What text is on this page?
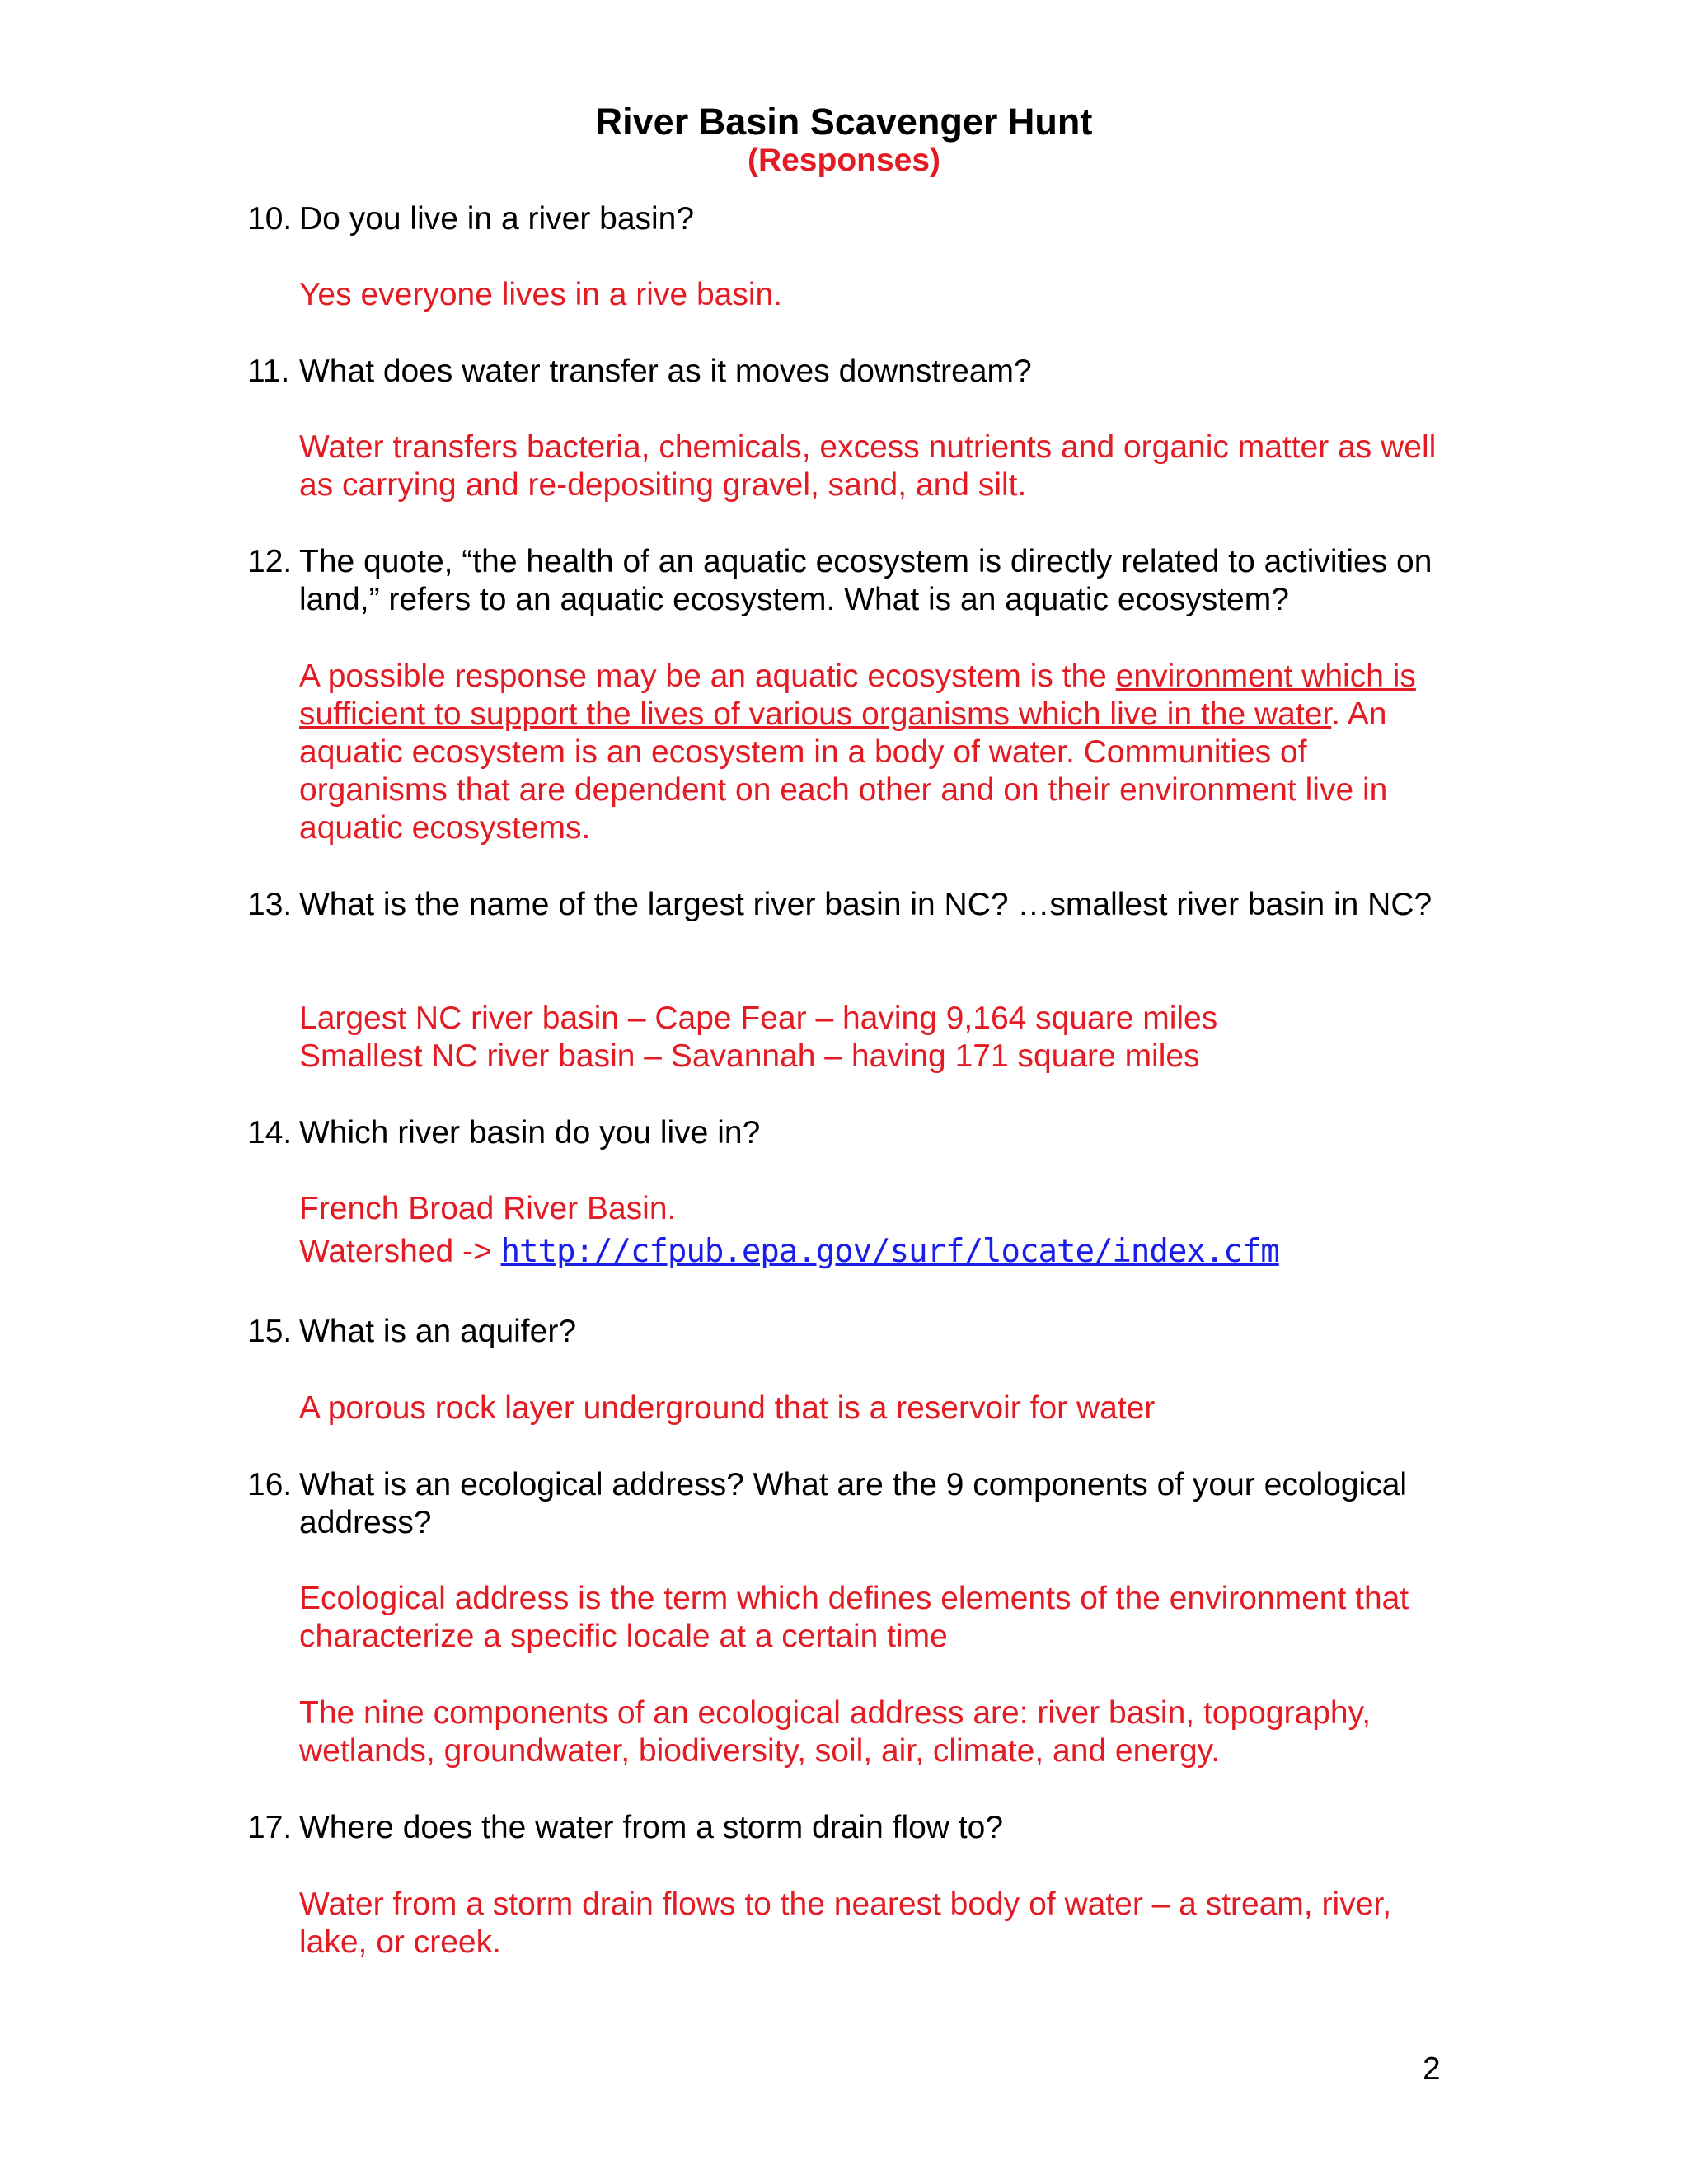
River Basin Scavenger Hunt
(Responses)
10. Do you live in a river basin?
Yes everyone lives in a rive basin.
11. What does water transfer as it moves downstream?
Water transfers bacteria, chemicals, excess nutrients and organic matter as well as carrying and re-depositing gravel, sand, and silt.
12. The quote, “the health of an aquatic ecosystem is directly related to activities on land,” refers to an aquatic ecosystem. What is an aquatic ecosystem?
A possible response may be an aquatic ecosystem is the environment which is sufficient to support the lives of various organisms which live in the water. An aquatic ecosystem is an ecosystem in a body of water. Communities of organisms that are dependent on each other and on their environment live in aquatic ecosystems.
13. What is the name of the largest river basin in NC? …smallest river basin in NC?
Largest NC river basin – Cape Fear – having 9,164 square miles
Smallest NC river basin – Savannah – having 171 square miles
14. Which river basin do you live in?
French Broad River Basin.
Watershed -> http://cfpub.epa.gov/surf/locate/index.cfm
15. What is an aquifer?
A porous rock layer underground that is a reservoir for water
16. What is an ecological address? What are the 9 components of your ecological address?
Ecological address is the term which defines elements of the environment that characterize a specific locale at a certain time
The nine components of an ecological address are: river basin, topography, wetlands, groundwater, biodiversity, soil, air, climate, and energy.
17. Where does the water from a storm drain flow to?
Water from a storm drain flows to the nearest body of water – a stream, river, lake, or creek.
2
